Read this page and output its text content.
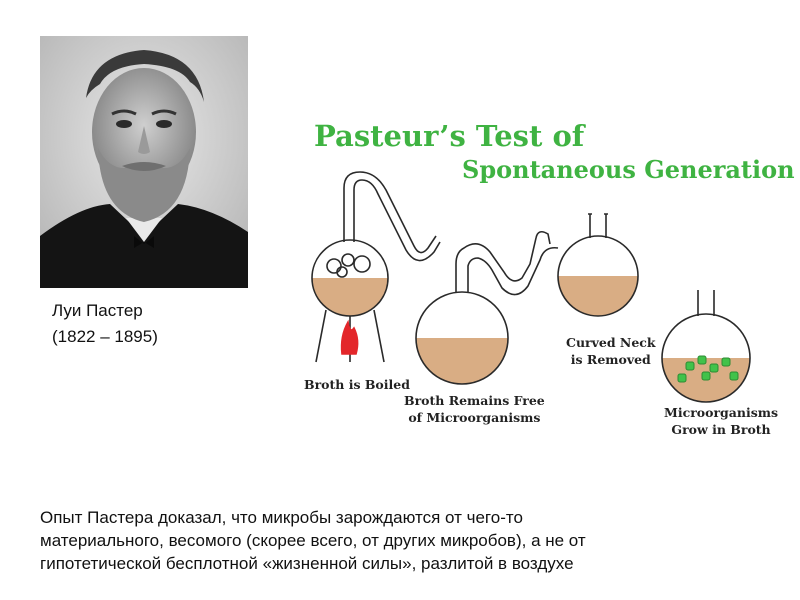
Луи Пастер
(1822 – 1895)
Pasteur’s Test of
Spontaneous Generation
Broth is Boiled
Broth Remains Free
of Microorganisms
Curved Neck
is Removed
Microorganisms
Grow in Broth
Опыт Пастера доказал, что микробы зарождаются от чего-то
материального, весомого (скорее всего, от других микробов), а не от
гипотетической бесплотной «жизненной силы», разлитой в воздухе
